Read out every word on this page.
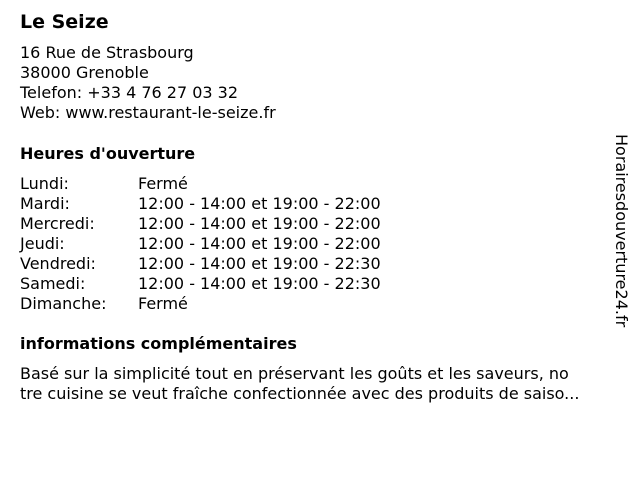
Le Seize
16 Rue de Strasbourg
38000 Grenoble
Telefon: +33 4 76 27 03 32
Web: www.restaurant-le-seize.fr
Heures d'ouverture
Lundi:	Fermé
Mardi:	12:00 - 14:00 et 19:00 - 22:00
Mercredi:	12:00 - 14:00 et 19:00 - 22:00
Jeudi:	12:00 - 14:00 et 19:00 - 22:00
Vendredi:	12:00 - 14:00 et 19:00 - 22:30
Samedi:	12:00 - 14:00 et 19:00 - 22:30
Dimanche: Fermé
informations complémentaires
Basé sur la simplicité tout en préservant les goûts et les saveurs, no
tre cuisine se veut fraîche confectionnée avec des produits de saiso...
Horairesdouverture24.fr
